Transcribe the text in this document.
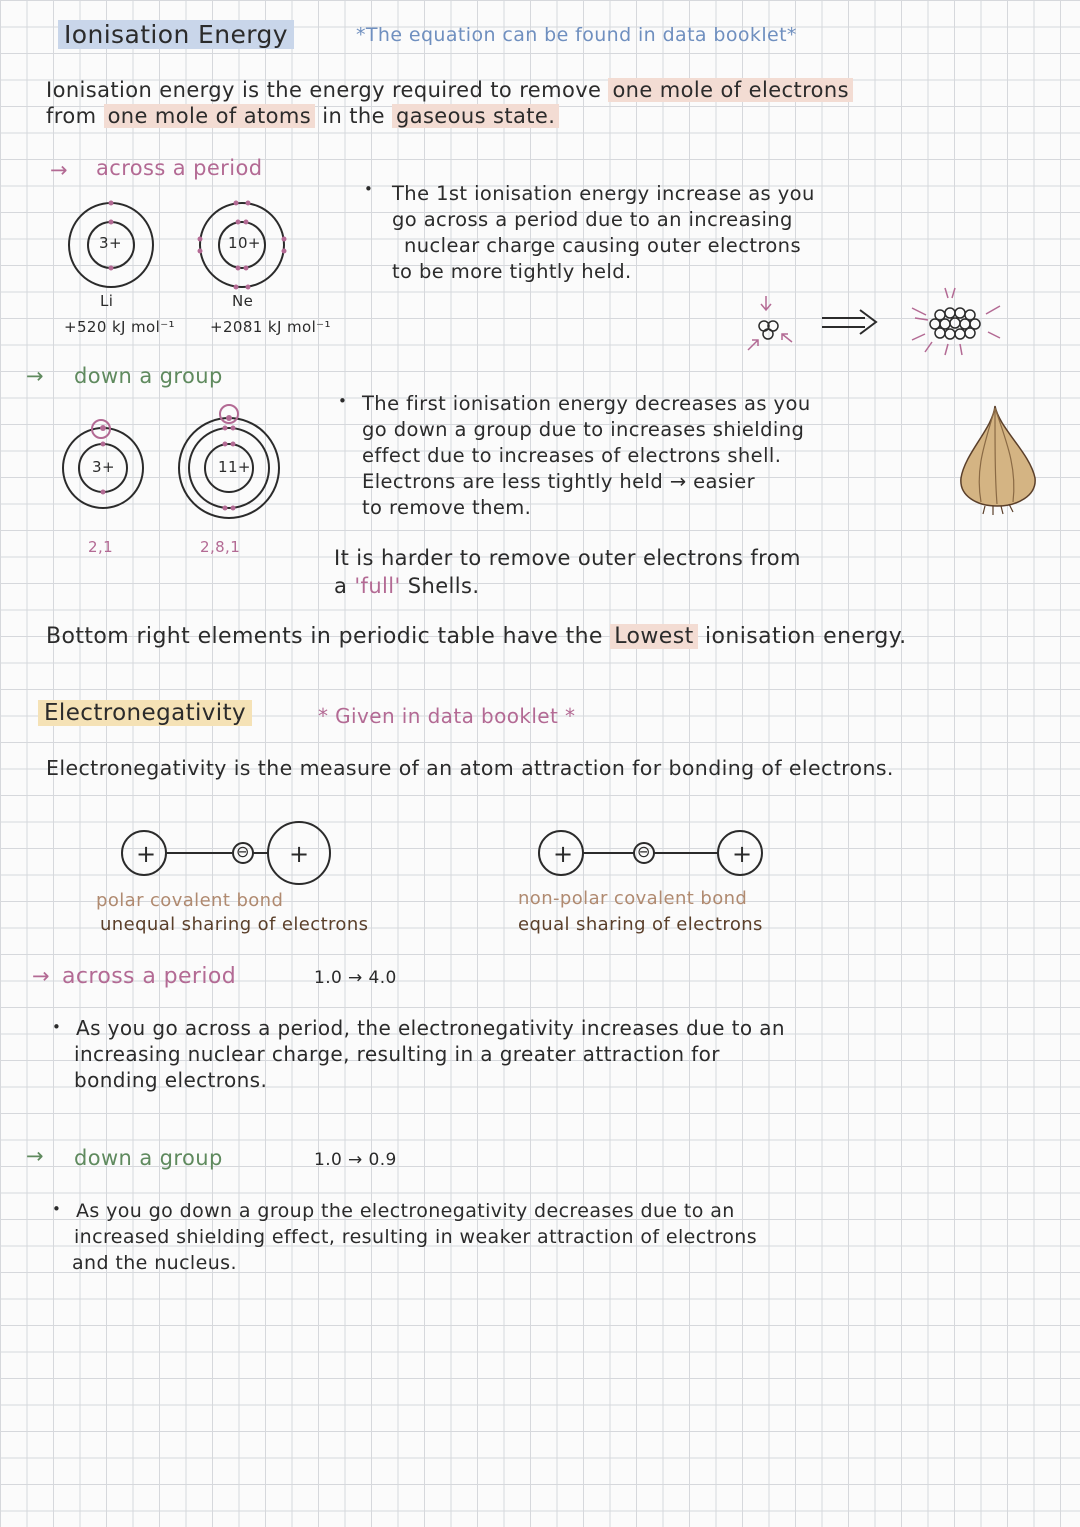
Ionisation Energy	*The equation can be found in data booklet*
Ionisation energy is the energy required to remove one mole of electrons
from one mole of atoms in the gaseous state.
→ across a period
3+	10+
Li	Ne
+520 kJ mol⁻¹ +2081 kJ mol⁻¹
• The 1st ionisation energy increase as you
go across a period due to an increasing
nuclear charge causing outer electrons
to be more tightly held.
→ down a group
3+	11+
2,1	2,8,1
• The first ionisation energy decreases as you
go down a group due to increases shielding
effect due to increases of electrons shell.
Electrons are less tightly held → easier
to remove them.
It is harder to remove outer electrons from
a 'full' Shells.
Bottom right elements in periodic table have the Lowest ionisation energy.
Electronegativity	* Given in data booklet *
Electronegativity is the measure of an atom attraction for bonding of electrons.
+	⊖ +	+	⊖	+
polar covalent bond
unequal sharing of electrons
non-polar covalent bond
equal sharing of electrons
→ across a period	1.0 → 4.0
• As you go across a period, the electronegativity increases due to an
increasing nuclear charge, resulting in a greater attraction for
bonding electrons.
→ down a group	1.0 → 0.9
• As you go down a group the electronegativity decreases due to an
increased shielding effect, resulting in weaker attraction of electrons
and the nucleus.
